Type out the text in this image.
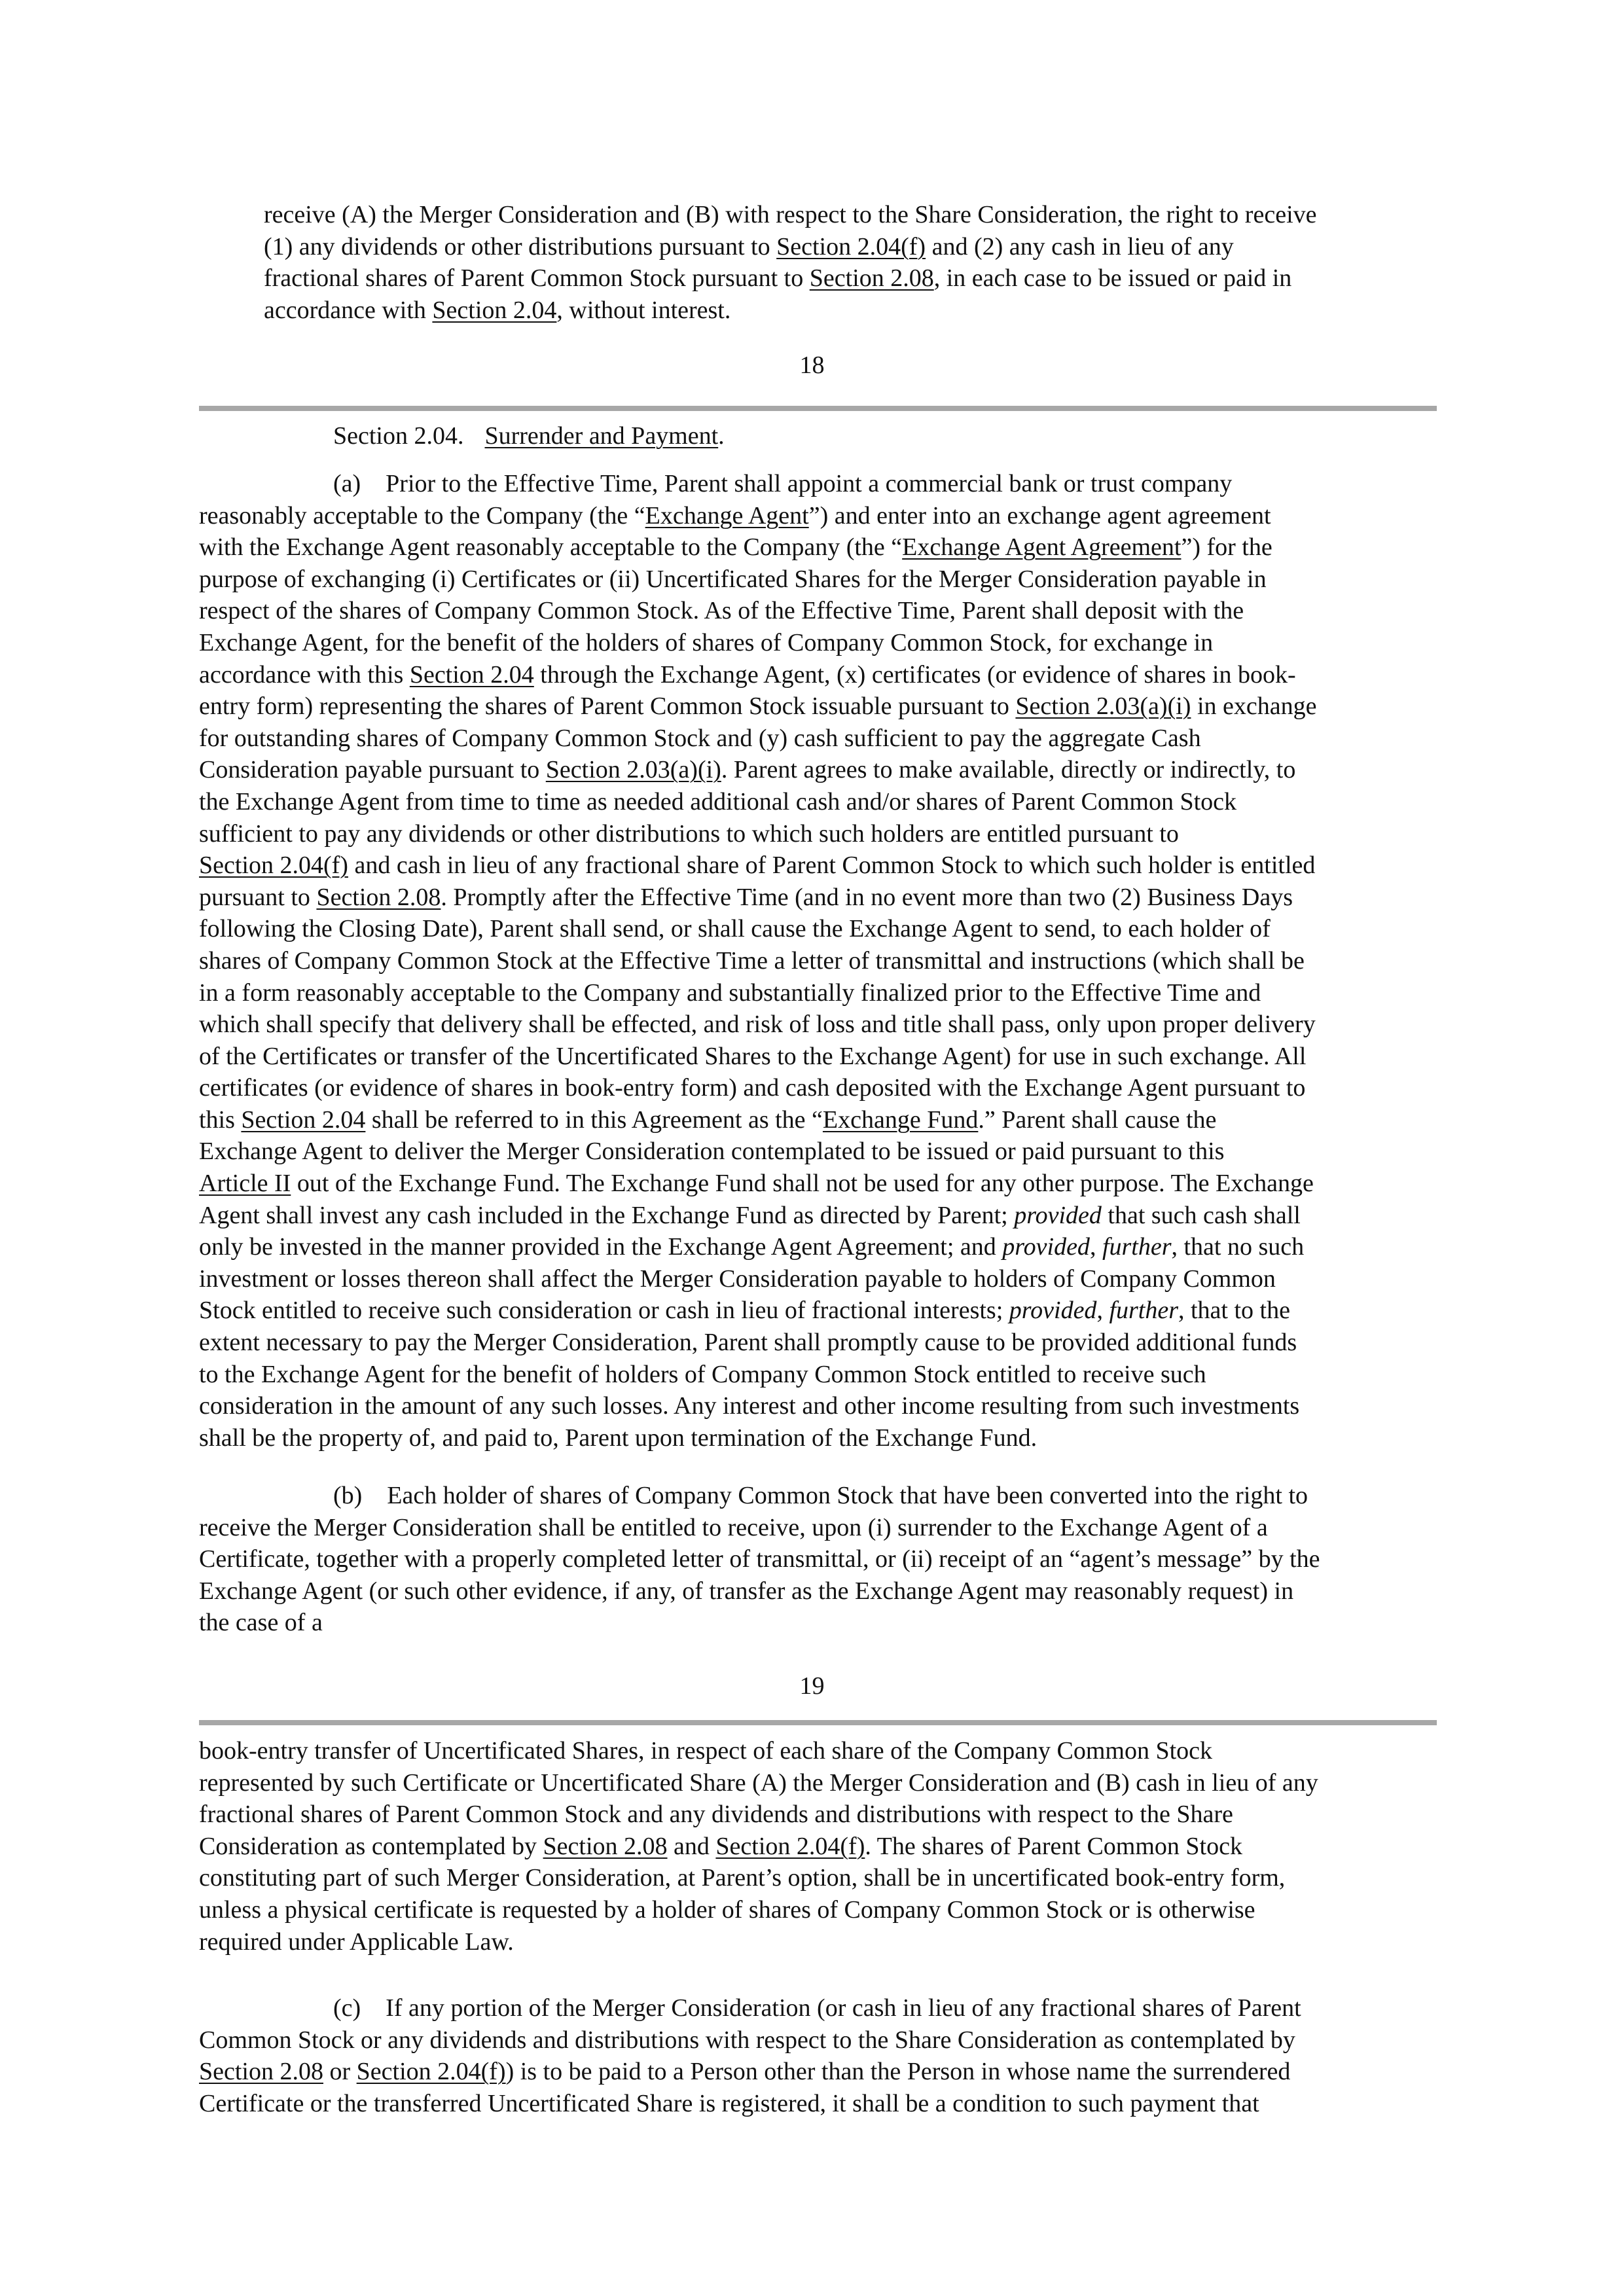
receive (A) the Merger Consideration and (B) with respect to the Share Consideration, the right to receive
(1) any dividends or other distributions pursuant to Section 2.04(f) and (2) any cash in lieu of any
fractional shares of Parent Common Stock pursuant to Section 2.08, in each case to be issued or paid in
accordance with Section 2.04, without interest.
18
Section 2.04. Surrender and Payment.
(a)    Prior to the Effective Time, Parent shall appoint a commercial bank or trust company
reasonably acceptable to the Company (the “Exchange Agent”) and enter into an exchange agent agreement
with the Exchange Agent reasonably acceptable to the Company (the “Exchange Agent Agreement”) for the
purpose of exchanging (i) Certificates or (ii) Uncertificated Shares for the Merger Consideration payable in
respect of the shares of Company Common Stock. As of the Effective Time, Parent shall deposit with the
Exchange Agent, for the benefit of the holders of shares of Company Common Stock, for exchange in
accordance with this Section 2.04 through the Exchange Agent, (x) certificates (or evidence of shares in book-
entry form) representing the shares of Parent Common Stock issuable pursuant to Section 2.03(a)(i) in exchange
for outstanding shares of Company Common Stock and (y) cash sufficient to pay the aggregate Cash
Consideration payable pursuant to Section 2.03(a)(i). Parent agrees to make available, directly or indirectly, to
the Exchange Agent from time to time as needed additional cash and/or shares of Parent Common Stock
sufficient to pay any dividends or other distributions to which such holders are entitled pursuant to
Section 2.04(f) and cash in lieu of any fractional share of Parent Common Stock to which such holder is entitled
pursuant to Section 2.08. Promptly after the Effective Time (and in no event more than two (2) Business Days
following the Closing Date), Parent shall send, or shall cause the Exchange Agent to send, to each holder of
shares of Company Common Stock at the Effective Time a letter of transmittal and instructions (which shall be
in a form reasonably acceptable to the Company and substantially finalized prior to the Effective Time and
which shall specify that delivery shall be effected, and risk of loss and title shall pass, only upon proper delivery
of the Certificates or transfer of the Uncertificated Shares to the Exchange Agent) for use in such exchange. All
certificates (or evidence of shares in book-entry form) and cash deposited with the Exchange Agent pursuant to
this Section 2.04 shall be referred to in this Agreement as the “Exchange Fund.” Parent shall cause the
Exchange Agent to deliver the Merger Consideration contemplated to be issued or paid pursuant to this
Article II out of the Exchange Fund. The Exchange Fund shall not be used for any other purpose. The Exchange
Agent shall invest any cash included in the Exchange Fund as directed by Parent; provided that such cash shall
only be invested in the manner provided in the Exchange Agent Agreement; and provided, further, that no such
investment or losses thereon shall affect the Merger Consideration payable to holders of Company Common
Stock entitled to receive such consideration or cash in lieu of fractional interests; provided, further, that to the
extent necessary to pay the Merger Consideration, Parent shall promptly cause to be provided additional funds
to the Exchange Agent for the benefit of holders of Company Common Stock entitled to receive such
consideration in the amount of any such losses. Any interest and other income resulting from such investments
shall be the property of, and paid to, Parent upon termination of the Exchange Fund.
(b)    Each holder of shares of Company Common Stock that have been converted into the right to
receive the Merger Consideration shall be entitled to receive, upon (i) surrender to the Exchange Agent of a
Certificate, together with a properly completed letter of transmittal, or (ii) receipt of an “agent’s message” by the
Exchange Agent (or such other evidence, if any, of transfer as the Exchange Agent may reasonably request) in
the case of a
19
book-entry transfer of Uncertificated Shares, in respect of each share of the Company Common Stock
represented by such Certificate or Uncertificated Share (A) the Merger Consideration and (B) cash in lieu of any
fractional shares of Parent Common Stock and any dividends and distributions with respect to the Share
Consideration as contemplated by Section 2.08 and Section 2.04(f). The shares of Parent Common Stock
constituting part of such Merger Consideration, at Parent’s option, shall be in uncertificated book-entry form,
unless a physical certificate is requested by a holder of shares of Company Common Stock or is otherwise
required under Applicable Law.
(c)    If any portion of the Merger Consideration (or cash in lieu of any fractional shares of Parent
Common Stock or any dividends and distributions with respect to the Share Consideration as contemplated by
Section 2.08 or Section 2.04(f)) is to be paid to a Person other than the Person in whose name the surrendered
Certificate or the transferred Uncertificated Share is registered, it shall be a condition to such payment that
